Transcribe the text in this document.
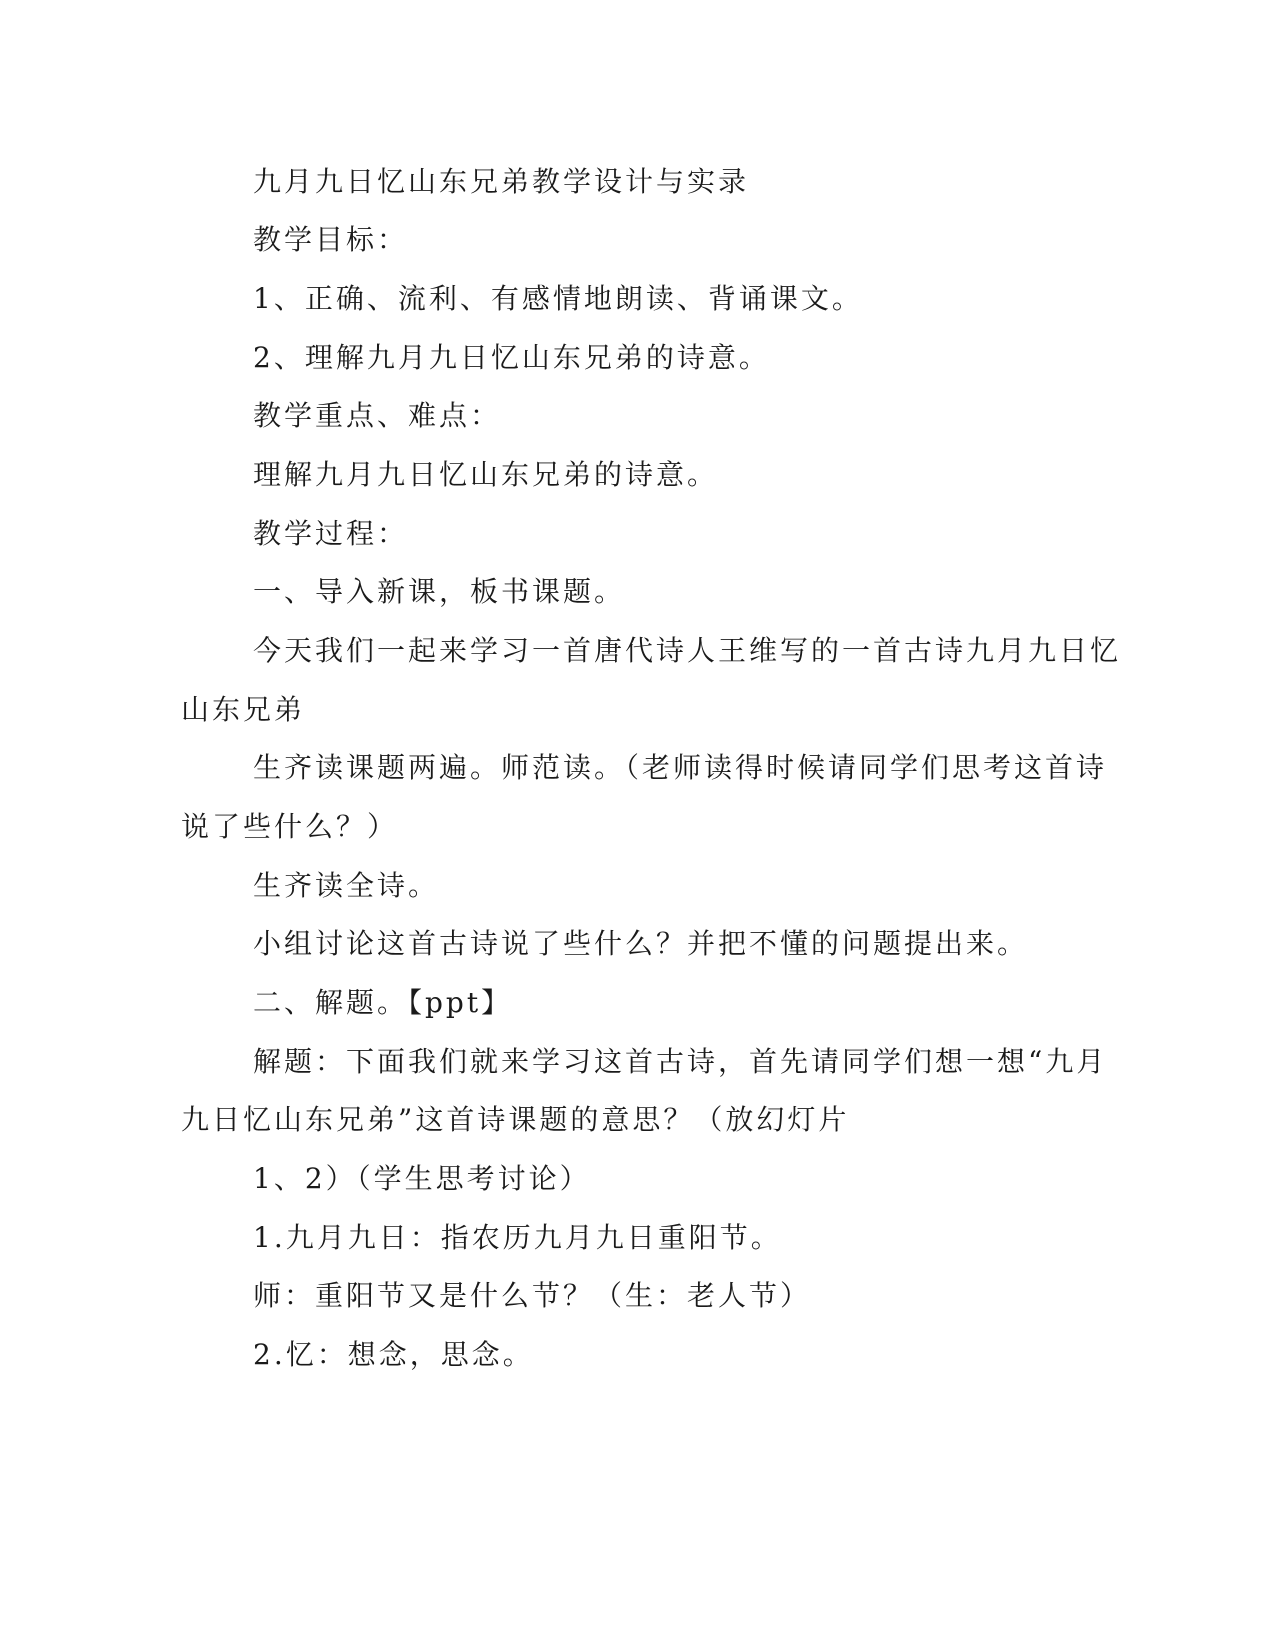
九月九日忆山东兄弟教学设计与实录
教学目标：
1、正确、流利、有感情地朗读、背诵课文。
2、理解九月九日忆山东兄弟的诗意。
教学重点、难点：
理解九月九日忆山东兄弟的诗意。
教学过程：
一、导入新课，板书课题。
今天我们一起来学习一首唐代诗人王维写的一首古诗九月九日忆
山东兄弟
生齐读课题两遍。师范读。（老师读得时候请同学们思考这首诗
说了些什么？）
生齐读全诗。
小组讨论这首古诗说了些什么？并把不懂的问题提出来。
二、解题。【ppt】
解题：下面我们就来学习这首古诗，首先请同学们想一想“九月
九日忆山东兄弟”这首诗课题的意思？（放幻灯片
1、2）（学生思考讨论）
1.九月九日：指农历九月九日重阳节。
师：重阳节又是什么节？（生：老人节）
2.忆：想念，思念。
